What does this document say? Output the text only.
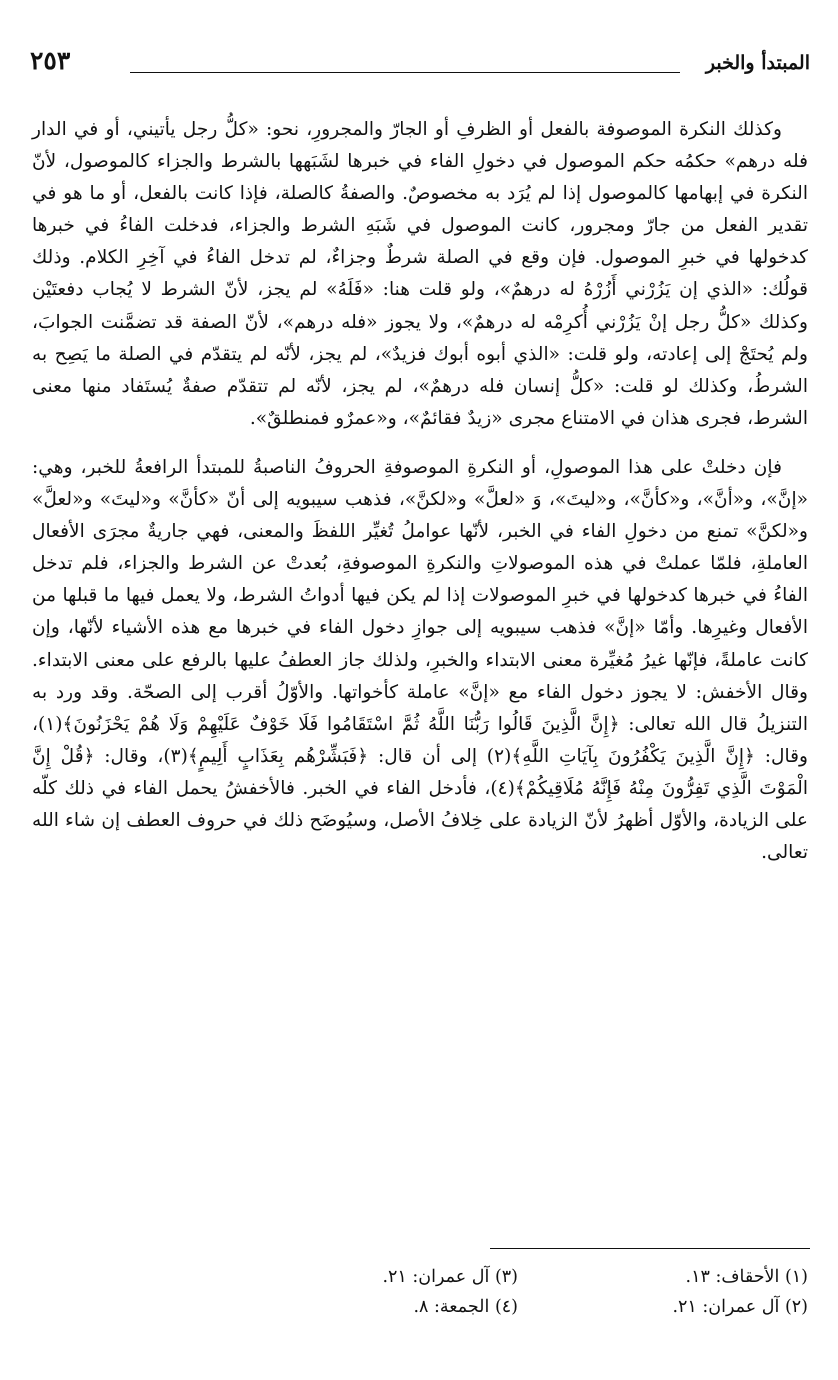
المبتدأ والخبر
٢٥٣

وكذلك النكرة الموصوفة بالفعل أو الظرفِ أو الجارّ والمجرورِ، نحو: «كلُّ رجل يأتيني، أو في الدار فله درهم» حكمُه حكم الموصول في دخولِ الفاء في خبرها لشَبَهها بالشرط والجزاء كالموصول، لأنّ النكرة في إبهامها كالموصول إذا لم يُرَد به مخصوصٌ. والصفةُ كالصلة، فإذا كانت بالفعل، أو ما هو في تقدير الفعل من جارّ ومجرور، كانت الموصول في شَبَهِ الشرط والجزاء، فدخلت الفاءُ في خبرها كدخولها في خبرِ الموصول. فإن وقع في الصلة شرطٌ وجزاءٌ، لم تدخل الفاءُ في آخِرِ الكلام. وذلك قولُك: «الذي إن يَزُرْني أَزُرْهُ له درهمٌ»، ولو قلت هنا: «فَلَهُ» لم يجز، لأنّ الشرط لا يُجاب دفعتَيْن وكذلك «كلُّ رجل إنْ يَزُرْني أُكرِمْه له درهمٌ»، ولا يجوز «فله درهم»، لأنّ الصفة قد تضمَّنت الجوابَ، ولم يُحتَجْ إلى إعادته، ولو قلت: «الذي أبوه أبوك فزيدٌ»، لم يجز، لأنّه لم يتقدّم في الصلة ما يَصِح به الشرطُ، وكذلك لو قلت: «كلُّ إنسان فله درهمٌ»، لم يجز، لأنّه لم تتقدّم صفةٌ يُستَفاد منها معنى الشرط، فجرى هذان في الامتناع مجرى «زيدٌ فقائمٌ»، و«عمرٌو فمنطلقٌ».

فإن دخلتْ على هذا الموصولِ، أو النكرةِ الموصوفةِ الحروفُ الناصبةُ للمبتدأ الرافعةُ للخبر، وهي: «إنَّ»، و«أنَّ»، و«كأنَّ»، و«ليتَ»، وَ «لعلَّ» و«لكنَّ»، فذهب سيبويه إلى أنّ «كأنَّ» و«ليتَ» و«لعلَّ» و«لكنَّ» تمنع من دخولِ الفاء في الخبر، لأنّها عواملُ تُغيِّر اللفظَ والمعنى، فهي جاريةٌ مجرَى الأفعال العاملةِ، فلمّا عملتْ في هذه الموصولاتِ والنكرةِ الموصوفةِ، بُعدتْ عن الشرط والجزاء، فلم تدخل الفاءُ في خبرها كدخولها في خبرِ الموصولات إذا لم يكن فيها أدواتُ الشرط، ولا يعمل فيها ما قبلها من الأفعال وغيرِها. وأمّا «إنَّ» فذهب سيبويه إلى جوازِ دخول الفاء في خبرها مع هذه الأشياء لأنّها، وإن كانت عاملةً، فإنّها غيرُ مُغيِّرة معنى الابتداء والخبرِ، ولذلك جاز العطفُ عليها بالرفع على معنى الابتداء. وقال الأخفش: لا يجوز دخول الفاء مع «إنَّ» عاملة كأخواتها. والأوّلُ أقرب إلى الصحّة. وقد ورد به التنزيلُ قال الله تعالى: ﴿إِنَّ الَّذِينَ قَالُوا رَبُّنَا اللَّهُ ثُمَّ اسْتَقَامُوا فَلَا خَوْفٌ عَلَيْهِمْ وَلَا هُمْ يَحْزَنُونَ﴾(١)، وقال: ﴿إِنَّ الَّذِينَ يَكْفُرُونَ بِآيَاتِ اللَّهِ﴾(٢) إلى أن قال: ﴿فَبَشِّرْهُم بِعَذَابٍ أَلِيمٍ﴾(٣)، وقال: ﴿قُلْ إِنَّ الْمَوْتَ الَّذِي تَفِرُّونَ مِنْهُ فَإِنَّهُ مُلَاقِيكُمْ﴾(٤)، فأدخل الفاء في الخبر. فالأخفشُ يحمل الفاء في ذلك كلّه على الزيادة، والأوّل أظهرُ لأنّ الزيادة على خِلافُ الأصل، وسيُوضَح ذلك في حروف العطف إن شاء الله تعالى.

(١) الأحقاف: ١٣.
(٢) آل عمران: ٢١.
(٣) آل عمران: ٢١.
(٤) الجمعة: ٨.
